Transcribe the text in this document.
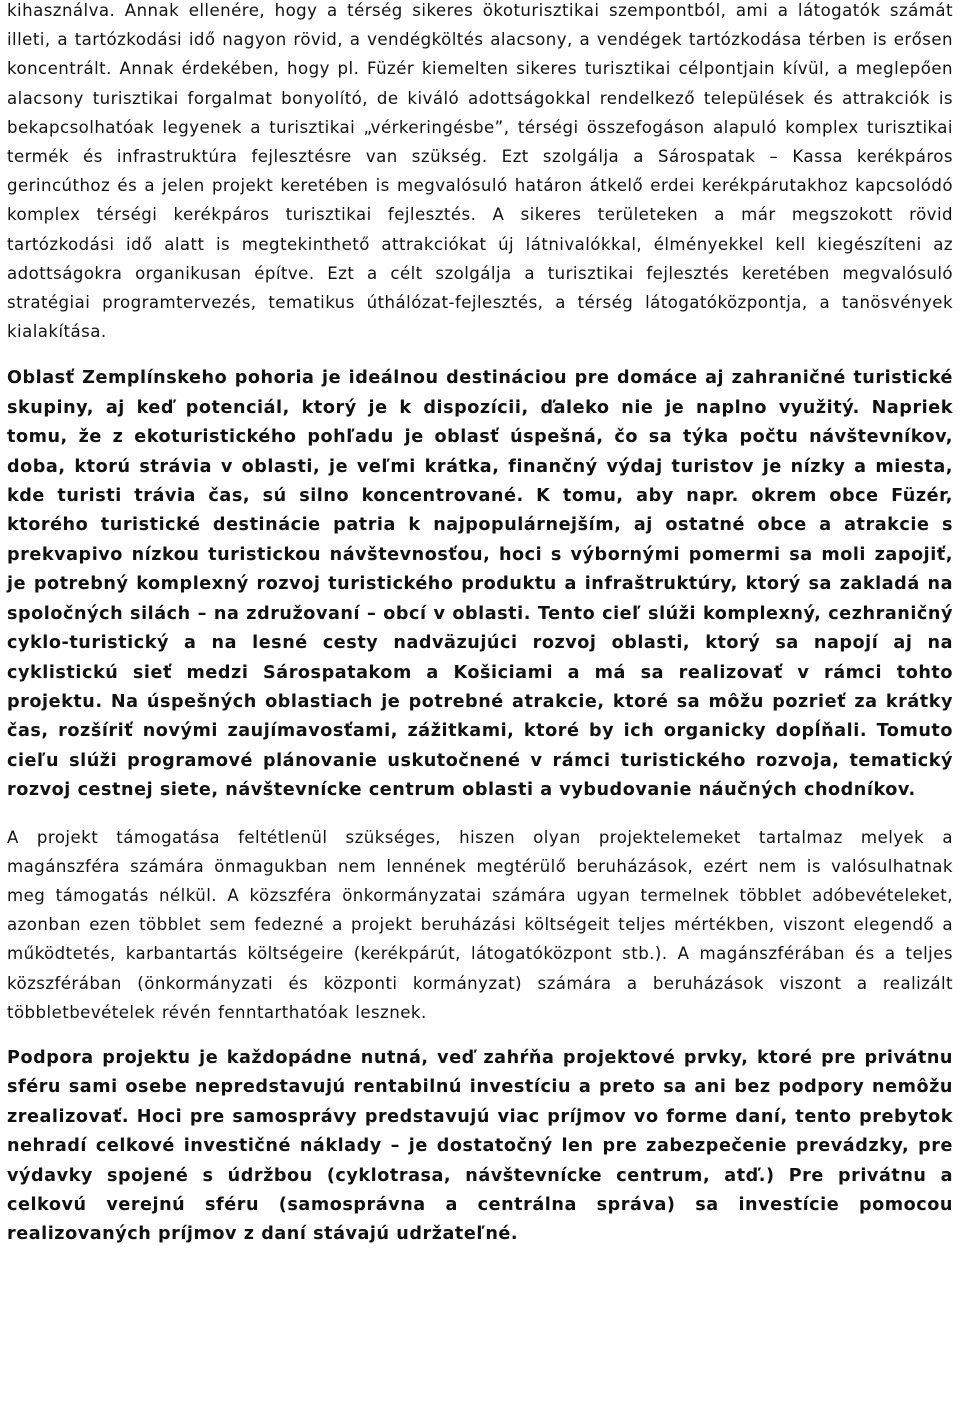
kihasználva. Annak ellenére, hogy a térség sikeres ökoturisztikai szempontból, ami a látogatók számát illeti, a tartózkodási idő nagyon rövid, a vendégköltés alacsony, a vendégek tartózkodása térben is erősen koncentrált. Annak érdekében, hogy pl. Füzér kiemelten sikeres turisztikai célpontjain kívül, a meglepően alacsony turisztikai forgalmat bonyolító, de kiváló adottságokkal rendelkező települések és attrakciók is bekapcsolhatóak legyenek a turisztikai „vérkeringésbe”, térségi összefogáson alapuló komplex turisztikai termék és infrastruktúra fejlesztésre van szükség. Ezt szolgálja a Sárospatak – Kassa kerékpáros gerincúthoz és a jelen projekt keretében is megvalósuló határon átkelő erdei kerékpárutakhoz kapcsolódó komplex térségi kerékpáros turisztikai fejlesztés. A sikeres területeken a már megszokott rövid tartózkodási idő alatt is megtekinthető attrakciókat új látnivalókkal, élményekkel kell kiegészíteni az adottságokra organikusan építve. Ezt a célt szolgálja a turisztikai fejlesztés keretében megvalósuló stratégiai programtervezés, tematikus úthálózat-fejlesztés, a térség látogatóközpontja, a tanösvények kialakítása.

Oblasť Zemplínskeho pohoria je ideálnou destináciou pre domáce aj zahraničné turistické skupiny, aj keď potenciál, ktorý je k dispozícii, ďaleko nie je naplno využitý. Napriek tomu, že z ekoturistického pohľadu je oblasť úspešná, čo sa týka počtu návštevníkov, doba, ktorú strávia v oblasti, je veľmi krátka, finančný výdaj turistov je nízky a miesta, kde turisti trávia čas, sú silno koncentrované. K tomu, aby napr. okrem obce Füzér, ktorého turistické destinácie patria k najpopulárnejším, aj ostatné obce a atrakcie s prekvapivo nízkou turistickou návštevnosťou, hoci s výbornými pomermi sa moli zapojiť, je potrebný komplexný rozvoj turistického produktu a infraštruktúry, ktorý sa zakladá na spoločných silách – na združovaní – obcí v oblasti. Tento cieľ slúži komplexný, cezhraničný cyklo-turistický a na lesné cesty nadväzujúci rozvoj oblasti, ktorý sa napojí aj na cyklistickú sieť medzi Sárospatakom a Košiciami a má sa realizovať v rámci tohto projektu. Na úspešných oblastiach je potrebné atrakcie, ktoré sa môžu pozrieť za krátky čas, rozšíriť novými zaujímavosťami, zážitkami, ktoré by ich organicky dopĺňali. Tomuto cieľu slúži programové plánovanie uskutočnené v rámci turistického rozvoja, tematický rozvoj cestnej siete, návštevnícke centrum oblasti a vybudovanie náučných chodníkov.

A projekt támogatása feltétlenül szükséges, hiszen olyan projektelemeket tartalmaz melyek a magánszféra számára önmagukban nem lennének megtérülő beruházások, ezért nem is valósulhatnak meg támogatás nélkül. A közszféra önkormányzatai számára ugyan termelnek többlet adóbevételeket, azonban ezen többlet sem fedezné a projekt beruházási költségeit teljes mértékben, viszont elegendő a működtetés, karbantartás költségeire (kerékpárút, látogatóközpont stb.). A magánszférában és a teljes közszférában (önkormányzati és központi kormányzat) számára a beruházások viszont a realizált többletbevételek révén fenntarthatóak lesznek.

Podpora projektu je každopádne nutná, veď zahŕňa projektové prvky, ktoré pre privátnu sféru sami osebe nepredstavujú rentabilnú investíciu a preto sa ani bez podpory nemôžu zrealizovať. Hoci pre samosprávy predstavujú viac príjmov vo forme daní, tento prebytok nehradí celkové investičné náklady – je dostatočný len pre zabezpečenie prevádzky, pre výdavky spojené s údržbou (cyklotrasa, návštevnícke centrum, atď.) Pre privátnu a celkovú verejnú sféru (samosprávna a centrálna správa) sa investície pomocou realizovaných príjmov z daní stávajú udržateľné.
